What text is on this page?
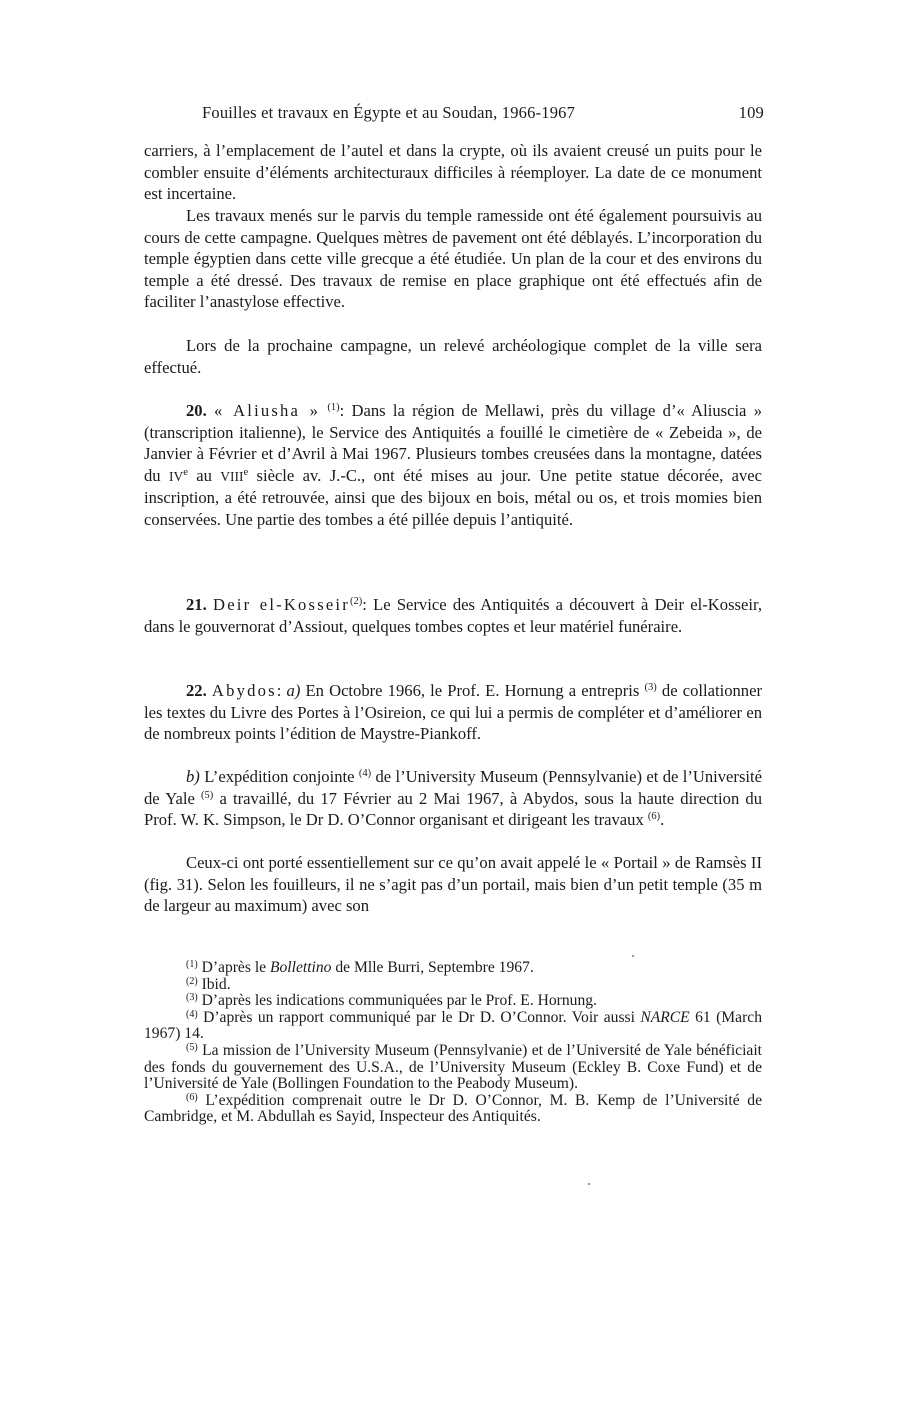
Fouilles et travaux en Égypte et au Soudan, 1966-1967	109

carriers, à l’emplacement de l’autel et dans la crypte, où ils avaient creusé un puits pour le combler ensuite d’éléments architecturaux difficiles à réemployer. La date de ce monument est incertaine.

Les travaux menés sur le parvis du temple ramesside ont été également poursuivis au cours de cette campagne. Quelques mètres de pavement ont été déblayés. L’incorporation du temple égyptien dans cette ville grecque a été étudiée. Un plan de la cour et des environs du temple a été dressé. Des travaux de remise en place graphique ont été effectués afin de faciliter l’anastylose effective.

Lors de la prochaine campagne, un relevé archéologique complet de la ville sera effectué.

20. « Aliusha » $^{(1)}$: Dans la région de Mellawi, près du village d’« Aliuscia » (transcription italienne), le Service des Antiquités a fouillé le cimetière de « Zebeida », de Janvier à Février et d’Avril à Mai 1967. Plusieurs tombes creusées dans la montagne, datées du IVe au VIIIe siècle av. J.-C., ont été mises au jour. Une petite statue décorée, avec inscription, a été retrouvée, ainsi que des bijoux en bois, métal ou os, et trois momies bien conservées. Une partie des tombes a été pillée depuis l’antiquité.

21. Deir el-Kosseir$^{(2)}$: Le Service des Antiquités a découvert à Deir el-Kosseir, dans le gouvernorat d’Assiout, quelques tombes coptes et leur matériel funéraire.

22. Abydos: a) En Octobre 1966, le Prof. E. Hornung a entrepris $^{(3)}$ de collationner les textes du Livre des Portes à l’Osireion, ce qui lui a permis de compléter et d’améliorer en de nombreux points l’édition de Maystre-Piankoff.

b) L’expédition conjointe $^{(4)}$ de l’University Museum (Pennsylvanie) et de l’Université de Yale $^{(5)}$ a travaillé, du 17 Février au 2 Mai 1967, à Abydos, sous la haute direction du Prof. W. K. Simpson, le Dr D. O’Connor organisant et dirigeant les travaux $^{(6)}$.

Ceux-ci ont porté essentiellement sur ce qu’on avait appelé le « Portail » de Ramsès II (fig. 31). Selon les fouilleurs, il ne s’agit pas d’un portail, mais bien d’un petit temple (35 m de largeur au maximum) avec son

$^{(1)}$ D’après le Bollettino de Mlle Burri, Septembre 1967.

$^{(2)}$ Ibid.

$^{(3)}$ D’après les indications communiquées par le Prof. E. Hornung.

$^{(4)}$ D’après un rapport communiqué par le Dr D. O’Connor. Voir aussi NARCE 61 (March 1967) 14.

$^{(5)}$ La mission de l’University Museum (Pennsylvanie) et de l’Université de Yale bénéficiait des fonds du gouvernement des U.S.A., de l’University Museum (Eckley B. Coxe Fund) et de l’Université de Yale (Bollingen Foundation to the Peabody Museum).

$^{(6)}$ L’expédition comprenait outre le Dr D. O’Connor, M. B. Kemp de l’Université de Cambridge, et M. Abdullah es Sayid, Inspecteur des Antiquités.
